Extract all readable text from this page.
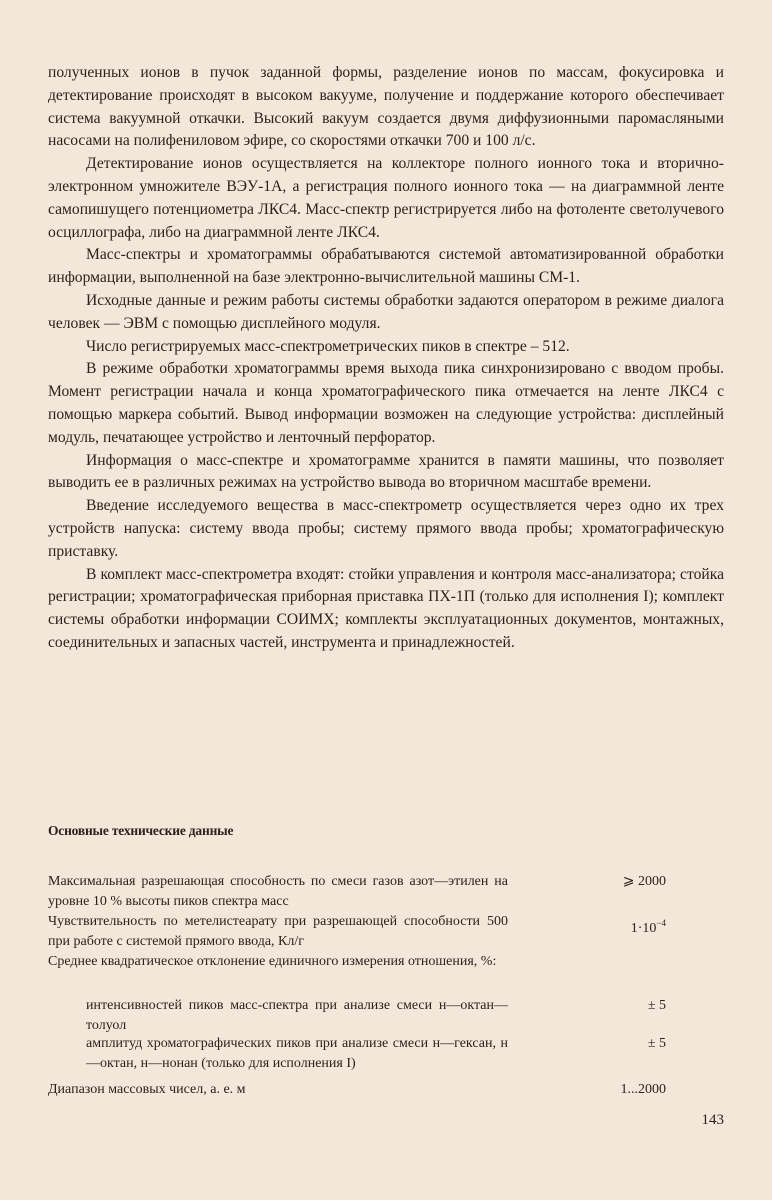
полученных ионов в пучок заданной формы, разделение ионов по массам, фокусировка и детектирование происходят в высоком вакууме, получение и поддержание которого обеспечивает система вакуумной откачки. Высокий вакуум создается двумя диффузионными паромасляными насосами на полифениловом эфире, со скоростями откачки 700 и 100 л/с.

Детектирование ионов осуществляется на коллекторе полного ионного тока и вторично-электронном умножителе ВЭУ-1А, а регистрация полного ионного тока — на диаграммной ленте самопишущего потенциометра ЛКС4. Масс-спектр регистрируется либо на фотоленте светолучевого осциллографа, либо на диаграммной ленте ЛКС4.

Масс-спектры и хроматограммы обрабатываются системой автоматизированной обработки информации, выполненной на базе электронно-вычислительной машины СМ-1.

Исходные данные и режим работы системы обработки задаются оператором в режиме диалога человек — ЭВМ с помощью дисплейного модуля.

Число регистрируемых масс-спектрометрических пиков в спектре – 512.

В режиме обработки хроматограммы время выхода пика синхронизировано с вводом пробы. Момент регистрации начала и конца хроматографического пика отмечается на ленте ЛКС4 с помощью маркера событий. Вывод информации возможен на следующие устройства: дисплейный модуль, печатающее устройство и ленточный перфоратор.

Информация о масс-спектре и хроматограмме хранится в памяти машины, что позволяет выводить ее в различных режимах на устройство вывода во вторичном масштабе времени.

Введение исследуемого вещества в масс-спектрометр осуществляется через одно их трех устройств напуска: систему ввода пробы; систему прямого ввода пробы; хроматографическую приставку.

В комплект масс-спектрометра входят: стойки управления и контроля масс-анализатора; стойка регистрации; хроматографическая приборная приставка ПХ-1П (только для исполнения I); комплект системы обработки информации СОИМХ; комплекты эксплуатационных документов, монтажных, соединительных и запасных частей, инструмента и принадлежностей.

Основные технические данные
Максимальная разрешающая способность по смеси газов азот—этилен на уровне 10 % высоты пиков спектра масс
⩾ 2000
Чувствительность по метелистеарату при разрешающей способности 500 при работе с системой прямого ввода, Кл/г
$1\cdot 10^{-4}$
Среднее квадратическое отклонение единичного измерения отношения, %:
интенсивностей пиков масс-спектра при анализе смеси н—октан—толуол
± 5
амплитуд хроматографических пиков при анализе смеси н—гексан, н—октан, н—нонан (только для исполнения I)
± 5
Диапазон массовых чисел, а. е. м	1...2000
143
